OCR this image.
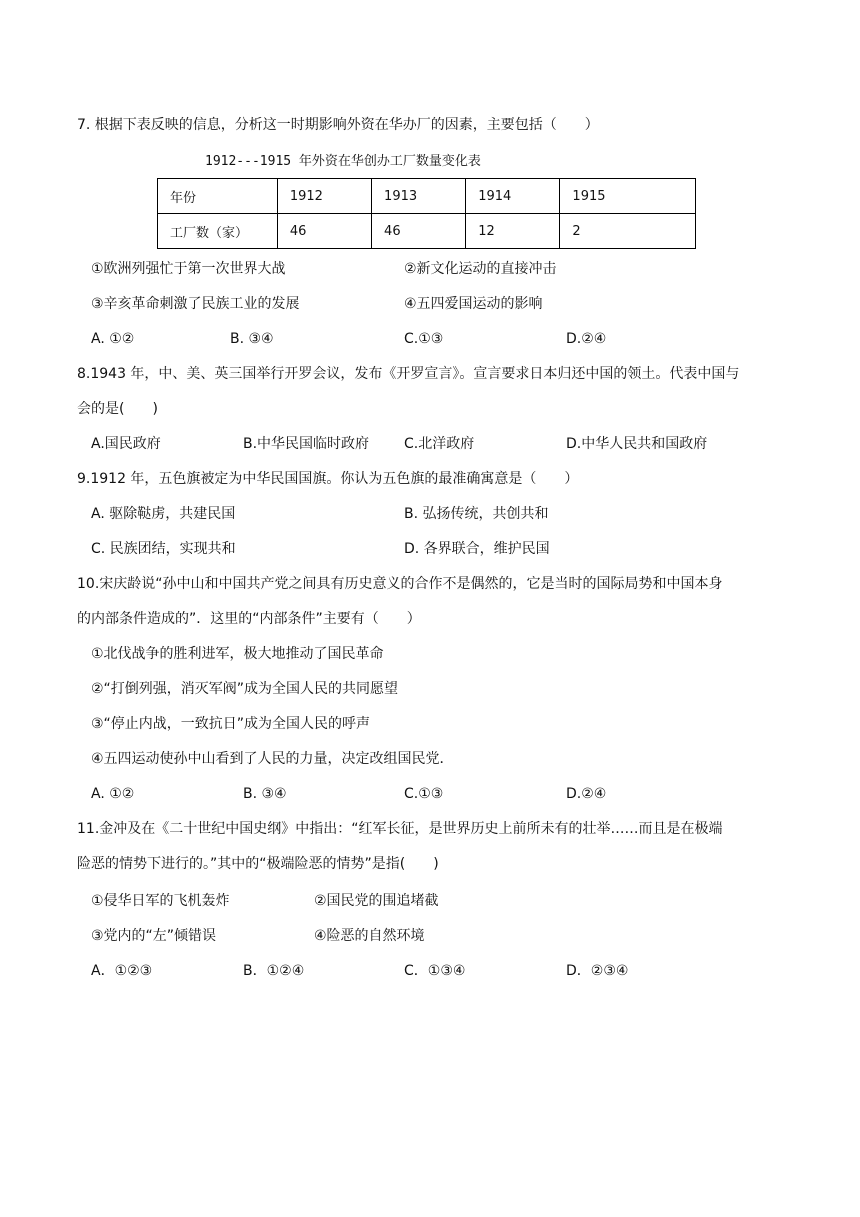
7. 根据下表反映的信息，分析这一时期影响外资在华办厂的因素，主要包括（　　）
1912---1915 年外资在华创办工厂数量变化表
年份	1912	1913	1914	1915
工厂数（家）	46	46	12	2
①欧洲列强忙于第一次世界大战	②新文化运动的直接冲击
③辛亥革命刺激了民族工业的发展	④五四爱国运动的影响
A. ①②	B. ③④	C.①③	D.②④
8.1943 年，中、美、英三国举行开罗会议，发布《开罗宣言》。宣言要求日本归还中国的领土。代表中国与
会的是(　　)
A.国民政府	B.中华民国临时政府 C.北洋政府	D.中华人民共和国政府
9.1912 年，五色旗被定为中华民国国旗。你认为五色旗的最准确寓意是（　　）
A. 驱除鞑虏，共建民国	B. 弘扬传统，共创共和
C. 民族团结，实现共和	D. 各界联合，维护民国
10.宋庆龄说“孙中山和中国共产党之间具有历史意义的合作不是偶然的，它是当时的国际局势和中国本身
的内部条件造成的”．这里的“内部条件”主要有（　　）
①北伐战争的胜利进军，极大地推动了国民革命
②“打倒列强，消灭军阀”成为全国人民的共同愿望
③“停止内战，一致抗日”成为全国人民的呼声
④五四运动使孙中山看到了人民的力量，决定改组国民党．
A. ①②	B. ③④	C.①③	D.②④
11.金冲及在《二十世纪中国史纲》中指出：“红军长征，是世界历史上前所未有的壮举……而且是在极端
险恶的情势下进行的。”其中的“极端险恶的情势”是指(　　)
①侵华日军的飞机轰炸	②国民党的围追堵截
③党内的“左”倾错误	④险恶的自然环境
A．①②③	B．①②④	C．①③④	D．②③④
